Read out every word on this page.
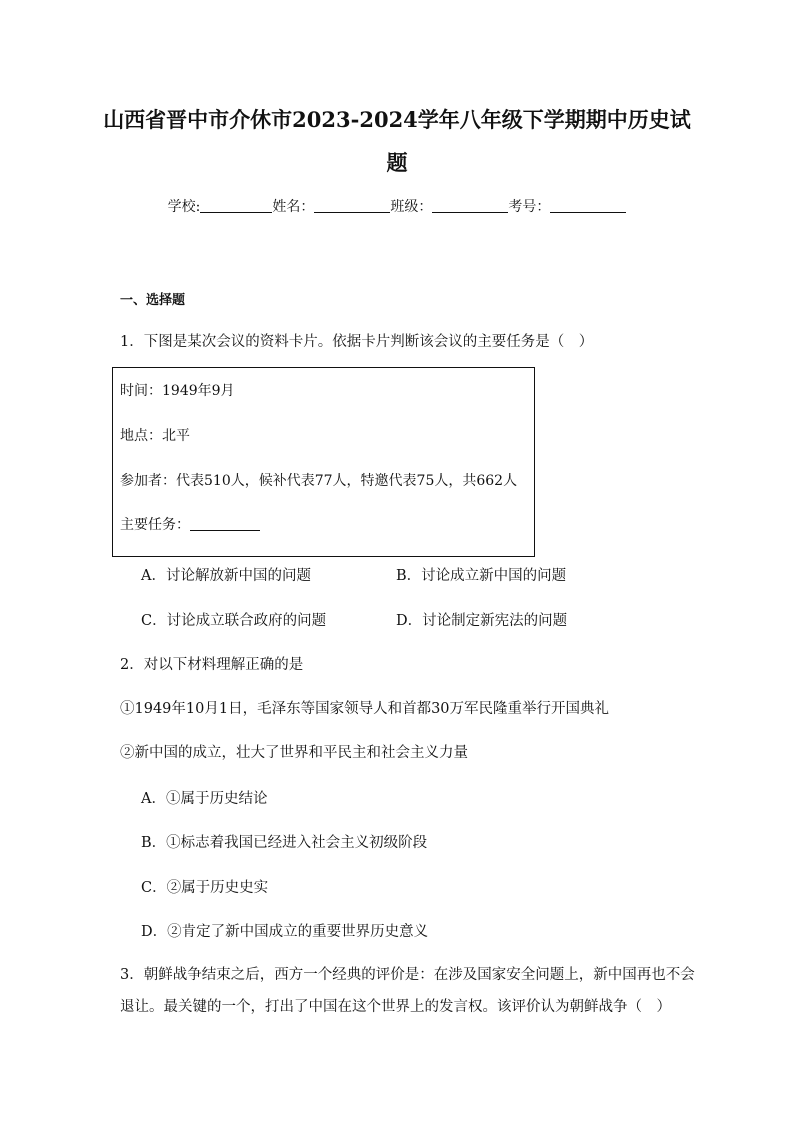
山西省晋中市介休市2023-2024学年八年级下学期期中历史试
题
学校:	姓名：	班级：	考号：
一、选择题
1．下图是某次会议的资料卡片。依据卡片判断该会议的主要任务是（　）
时间：1949年9月
地点：北平
参加者：代表510人，候补代表77人，特邀代表75人，共662人
主要任务：
A．讨论解放新中国的问题	B．讨论成立新中国的问题
C．讨论成立联合政府的问题	D．讨论制定新宪法的问题
2．对以下材料理解正确的是
①1949年10月1日，毛泽东等国家领导人和首都30万军民隆重举行开国典礼
②新中国的成立，壮大了世界和平民主和社会主义力量
A．①属于历史结论
B．①标志着我国已经进入社会主义初级阶段
C．②属于历史史实
D．②肯定了新中国成立的重要世界历史意义
3．朝鲜战争结束之后，西方一个经典的评价是：在涉及国家安全问题上，新中国再也不会
退让。最关键的一个，打出了中国在这个世界上的发言权。该评价认为朝鲜战争（　）
